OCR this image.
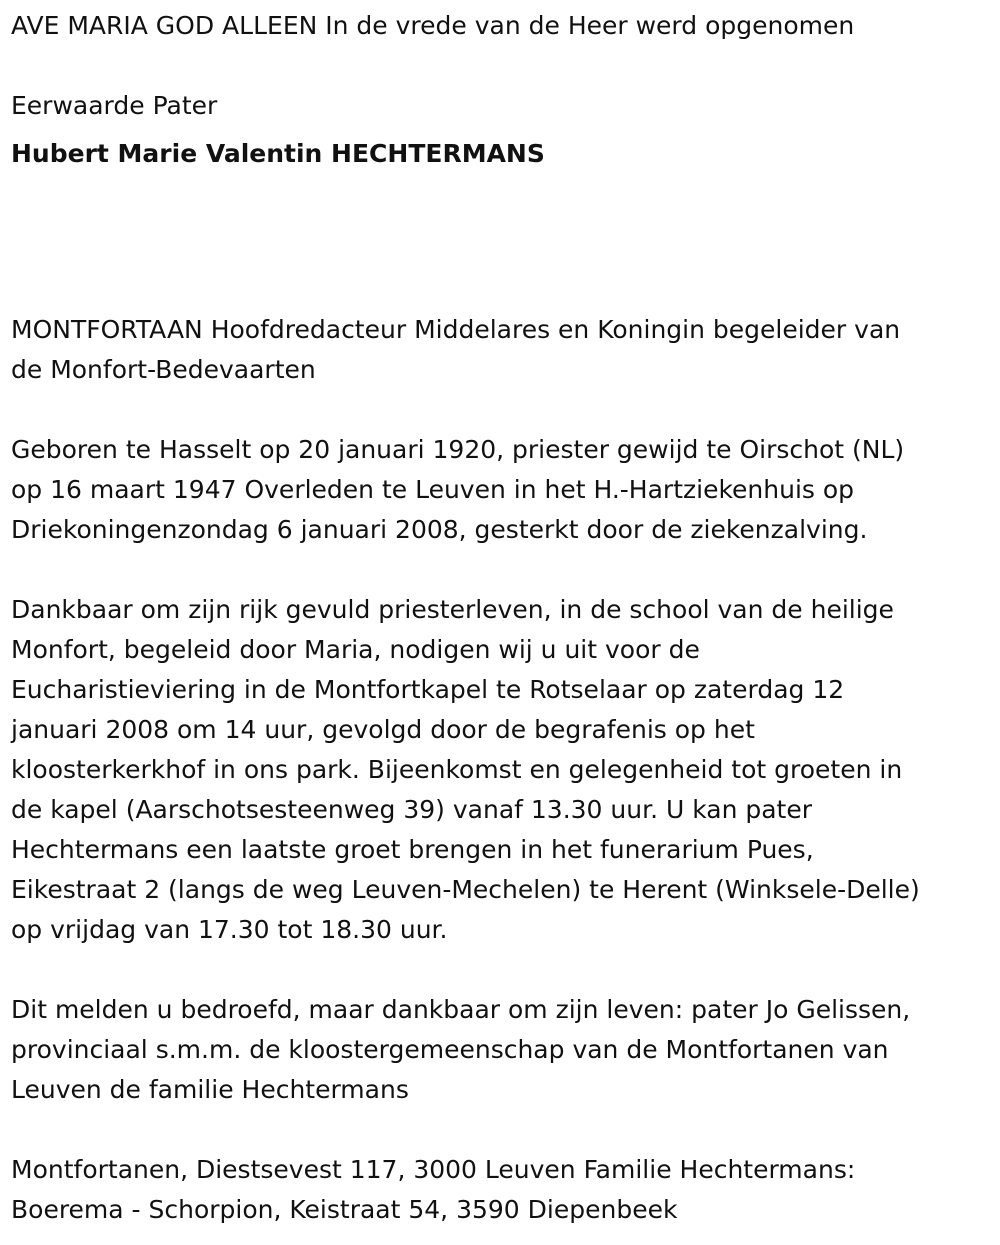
AVE MARIA GOD ALLEEN In de vrede van de Heer werd opgenomen

Eerwaarde Pater

Hubert Marie Valentin HECHTERMANS

MONTFORTAAN Hoofdredacteur Middelares en Koningin begeleider van

de Monfort-Bedevaarten

Geboren te Hasselt op 20 januari 1920, priester gewijd te Oirschot (NL)

op 16 maart 1947 Overleden te Leuven in het H.-Hartziekenhuis op

Driekoningenzondag 6 januari 2008, gesterkt door de ziekenzalving.

Dankbaar om zijn rijk gevuld priesterleven, in de school van de heilige

Monfort, begeleid door Maria, nodigen wij u uit voor de

Eucharistieviering in de Montfortkapel te Rotselaar op zaterdag 12

januari 2008 om 14 uur, gevolgd door de begrafenis op het

kloosterkerkhof in ons park. Bijeenkomst en gelegenheid tot groeten in

de kapel (Aarschotsesteenweg 39) vanaf 13.30 uur. U kan pater

Hechtermans een laatste groet brengen in het funerarium Pues,

Eikestraat 2 (langs de weg Leuven-Mechelen) te Herent (Winksele-Delle)

op vrijdag van 17.30 tot 18.30 uur.

Dit melden u bedroefd, maar dankbaar om zijn leven: pater Jo Gelissen,

provinciaal s.m.m. de kloostergemeenschap van de Montfortanen van

Leuven de familie Hechtermans

Montfortanen, Diestsevest 117, 3000 Leuven Familie Hechtermans:

Boerema - Schorpion, Keistraat 54, 3590 Diepenbeek
